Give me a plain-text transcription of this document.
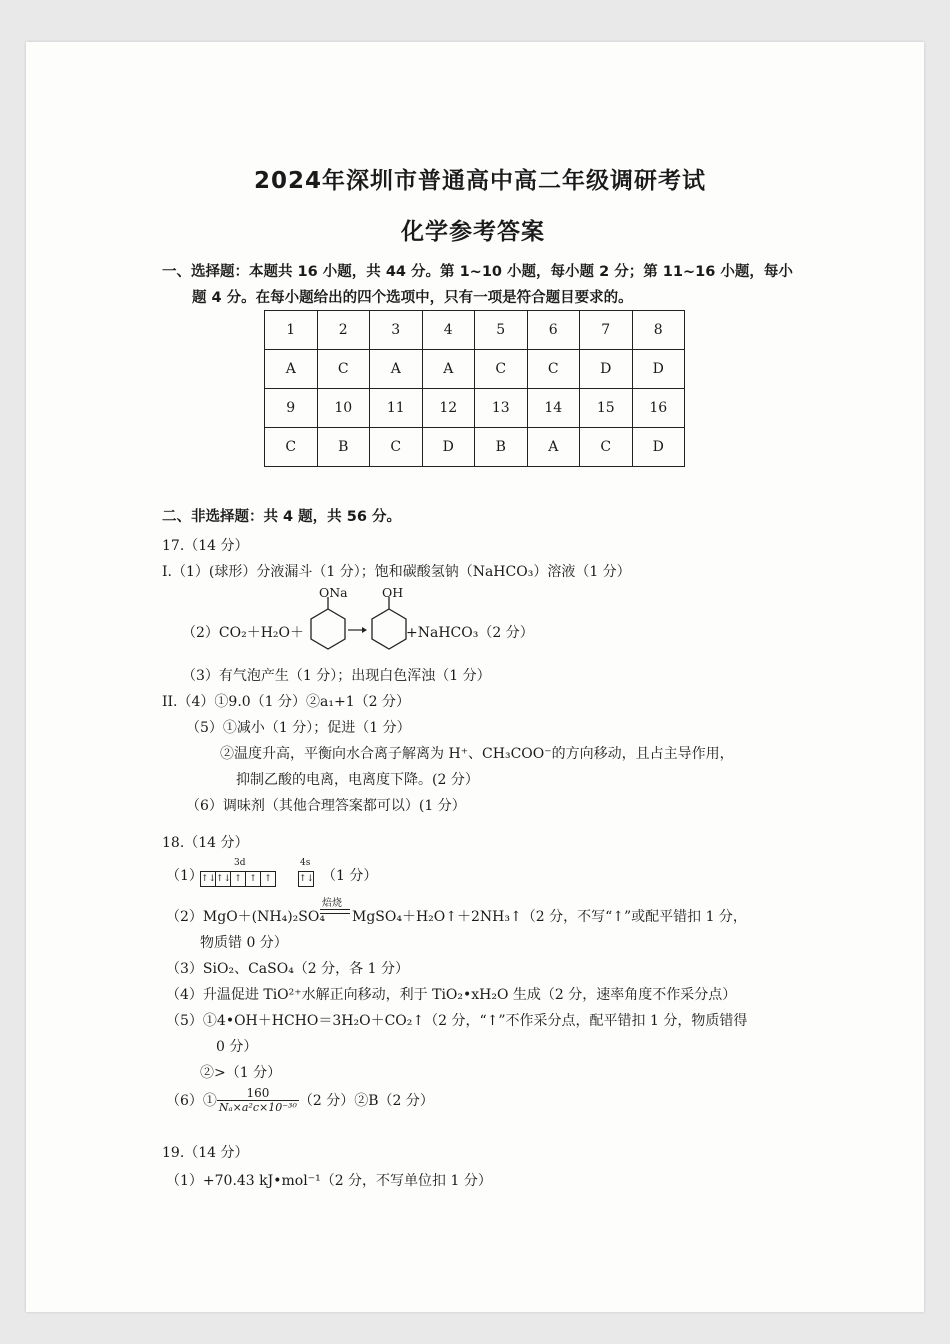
2024年深圳市普通高中高二年级调研考试
化学参考答案
一、选择题：本题共 16 小题，共 44 分。第 1~10 小题，每小题 2 分；第 11~16 小题，每小
题 4 分。在每小题给出的四个选项中，只有一项是符合题目要求的。
1	2	3	4	5	6	7	8
A	C	A	A	C	C	D	D
9	10	11	12	13	14	15	16
C	B	C	D	B	A	C	D
二、非选择题：共 4 题，共 56 分。
17.（14 分）
I.（1）(球形）分液漏斗（1 分）；饱和碳酸氢钠（NaHCO₃）溶液（1 分）
ONa	OH
（2）CO₂＋H₂O＋	+NaHCO₃（2 分）
（3）有气泡产生（1 分）；出现白色浑浊（1 分）
II.（4）①9.0（1 分）②a₁+1（2 分）
（5）①减小（1 分）；促进（1 分）
②温度升高，平衡向水合离子解离为 H⁺、CH₃COO⁻的方向移动，且占主导作用，
抑制乙酸的电离，电离度下降。(2 分）
（6）调味剂（其他合理答案都可以）(1 分）
18.（14 分）
（1）
3d	4s
↑↓ ↑↓ ↑ ↑ ↑	↑↓ （1 分）
（2）MgO＋(NH₄)₂SO₄
焙烧
MgSO₄＋H₂O↑＋2NH₃↑（2 分，不写“↑”或配平错扣 1 分，
物质错 0 分）
（3）SiO₂、CaSO₄（2 分，各 1 分）
（4）升温促进 TiO²⁺水解正向移动，利于 TiO₂•xH₂O 生成（2 分，速率角度不作采分点）
（5）①4•OH＋HCHO＝3H₂O＋CO₂↑（2 分，“↑”不作采分点，配平错扣 1 分，物质错得
0 分）
②>（1 分）
（6）① $\frac{160}{\text{Nₐ×a²c×10⁻³⁰}} (2$ 分）②B（2 分）
19.（14 分）
（1）+70.43 kJ•mol⁻¹（2 分，不写单位扣 1 分）
